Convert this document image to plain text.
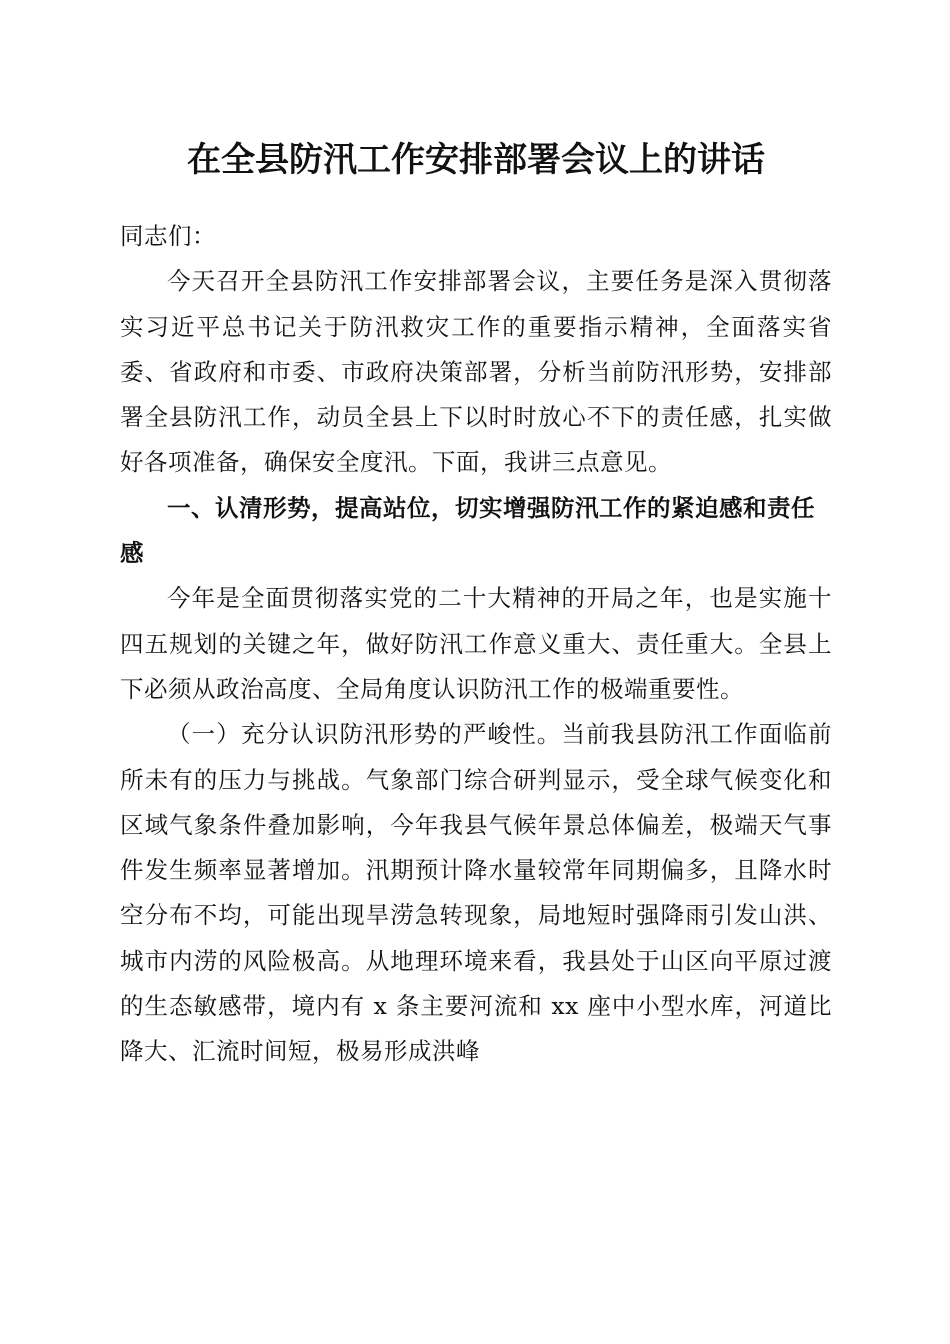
在全县防汛工作安排部署会议上的讲话

同志们：

今天召开全县防汛工作安排部署会议，主要任务是深入贯彻落实习近平总书记关于防汛救灾工作的重要指示精神，全面落实省委、省政府和市委、市政府决策部署，分析当前防汛形势，安排部署全县防汛工作，动员全县上下以时时放心不下的责任感，扎实做好各项准备，确保安全度汛。下面，我讲三点意见。

一、认清形势，提高站位，切实增强防汛工作的紧迫感和责任感

今年是全面贯彻落实党的二十大精神的开局之年，也是实施十四五规划的关键之年，做好防汛工作意义重大、责任重大。全县上下必须从政治高度、全局角度认识防汛工作的极端重要性。

（一）充分认识防汛形势的严峻性。当前我县防汛工作面临前所未有的压力与挑战。气象部门综合研判显示，受全球气候变化和区域气象条件叠加影响，今年我县气候年景总体偏差，极端天气事件发生频率显著增加。汛期预计降水量较常年同期偏多，且降水时空分布不均，可能出现旱涝急转现象，局地短时强降雨引发山洪、城市内涝的风险极高。从地理环境来看，我县处于山区向平原过渡的生态敏感带，境内有 x 条主要河流和 xx 座中小型水库，河道比降大、汇流时间短，极易形成洪峰
